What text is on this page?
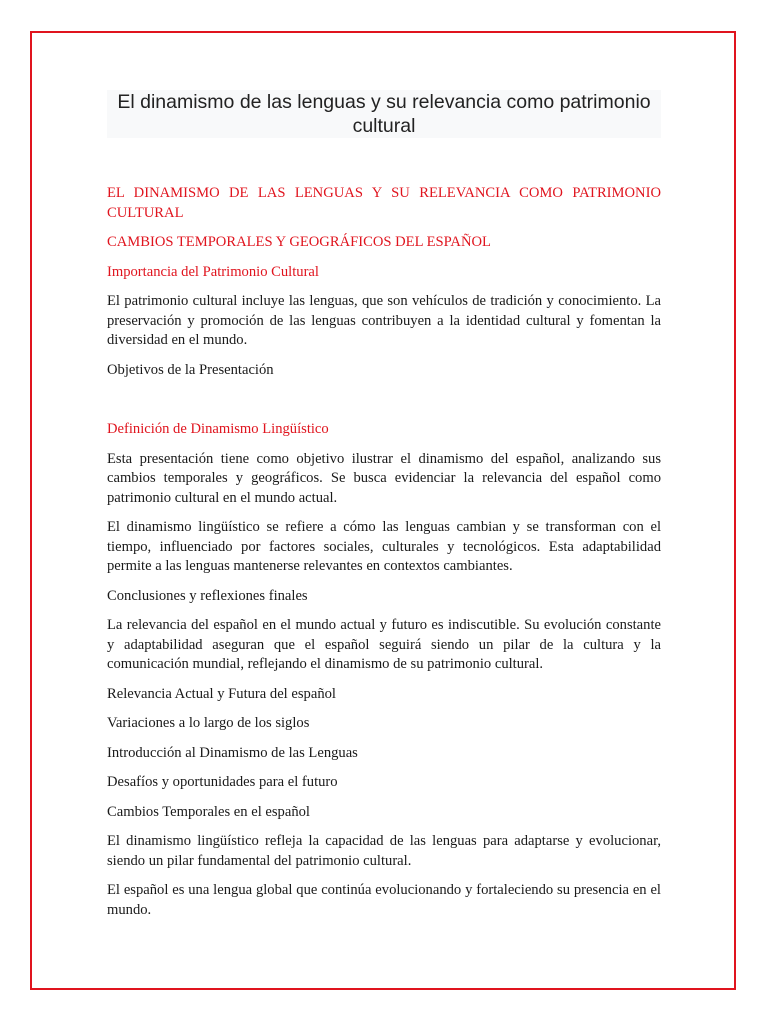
El dinamismo de las lenguas y su relevancia como patrimonio cultural

EL DINAMISMO DE LAS LENGUAS Y SU RELEVANCIA COMO PATRIMONIO CULTURAL

CAMBIOS TEMPORALES Y GEOGRÁFICOS DEL ESPAÑOL

Importancia del Patrimonio Cultural

El patrimonio cultural incluye las lenguas, que son vehículos de tradición y conocimiento. La preservación y promoción de las lenguas contribuyen a la identidad cultural y fomentan la diversidad en el mundo.

Objetivos de la Presentación

Definición de Dinamismo Lingüístico

Esta presentación tiene como objetivo ilustrar el dinamismo del español, analizando sus cambios temporales y geográficos. Se busca evidenciar la relevancia del español como patrimonio cultural en el mundo actual.

El dinamismo lingüístico se refiere a cómo las lenguas cambian y se transforman con el tiempo, influenciado por factores sociales, culturales y tecnológicos. Esta adaptabilidad permite a las lenguas mantenerse relevantes en contextos cambiantes.

Conclusiones y reflexiones finales

La relevancia del español en el mundo actual y futuro es indiscutible. Su evolución constante y adaptabilidad aseguran que el español seguirá siendo un pilar de la cultura y la comunicación mundial, reflejando el dinamismo de su patrimonio cultural.

Relevancia Actual y Futura del español

Variaciones a lo largo de los siglos

Introducción al Dinamismo de las Lenguas

Desafíos y oportunidades para el futuro

Cambios Temporales en el español

El dinamismo lingüístico refleja la capacidad de las lenguas para adaptarse y evolucionar, siendo un pilar fundamental del patrimonio cultural.

El español es una lengua global que continúa evolucionando y fortaleciendo su presencia en el mundo.
